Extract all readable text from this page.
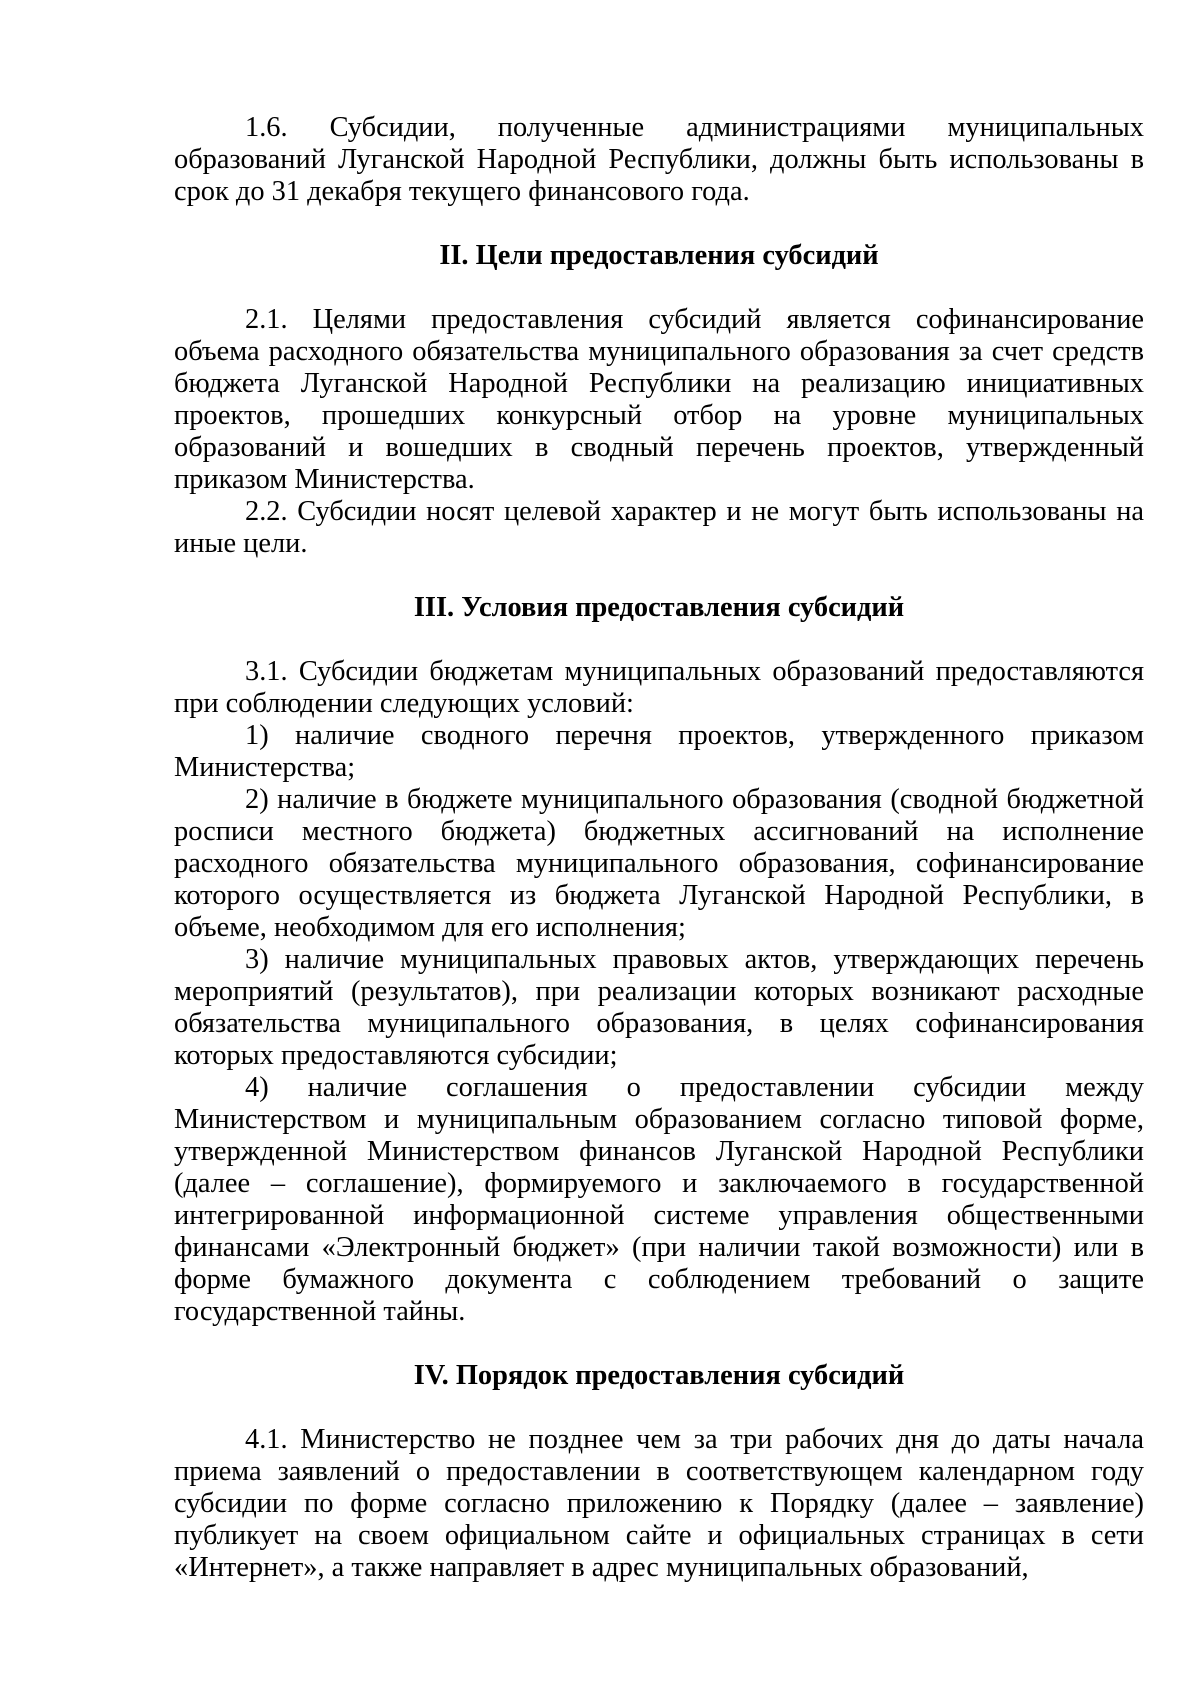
1.6. Субсидии, полученные администрациями муниципальных образований Луганской Народной Республики, должны быть использованы в срок до 31 декабря текущего финансового года.

II. Цели предоставления субсидий

2.1. Целями предоставления субсидий является софинансирование объема расходного обязательства муниципального образования за счет средств бюджета Луганской Народной Республики на реализацию инициативных проектов, прошедших конкурсный отбор на уровне муниципальных образований и вошедших в сводный перечень проектов, утвержденный приказом Министерства.

2.2. Субсидии носят целевой характер и не могут быть использованы на иные цели.

III. Условия предоставления субсидий

3.1. Субсидии бюджетам муниципальных образований предоставляются при соблюдении следующих условий:

1) наличие сводного перечня проектов, утвержденного приказом Министерства;

2) наличие в бюджете муниципального образования (сводной бюджетной росписи местного бюджета) бюджетных ассигнований на исполнение расходного обязательства муниципального образования, софинансирование которого осуществляется из бюджета Луганской Народной Республики, в объеме, необходимом для его исполнения;

3) наличие муниципальных правовых актов, утверждающих перечень мероприятий (результатов), при реализации которых возникают расходные обязательства муниципального образования, в целях софинансирования которых предоставляются субсидии;

4) наличие соглашения о предоставлении субсидии между Министерством и муниципальным образованием согласно типовой форме, утвержденной Министерством финансов Луганской Народной Республики (далее – соглашение), формируемого и заключаемого в государственной интегрированной информационной системе управления общественными финансами «Электронный бюджет» (при наличии такой возможности) или в форме бумажного документа с соблюдением требований о защите государственной тайны.

IV. Порядок предоставления субсидий

4.1. Министерство не позднее чем за три рабочих дня до даты начала приема заявлений о предоставлении в соответствующем календарном году субсидии по форме согласно приложению к Порядку (далее – заявление) публикует на своем официальном сайте и официальных страницах в сети «Интернет», а также направляет в адрес муниципальных образований,
